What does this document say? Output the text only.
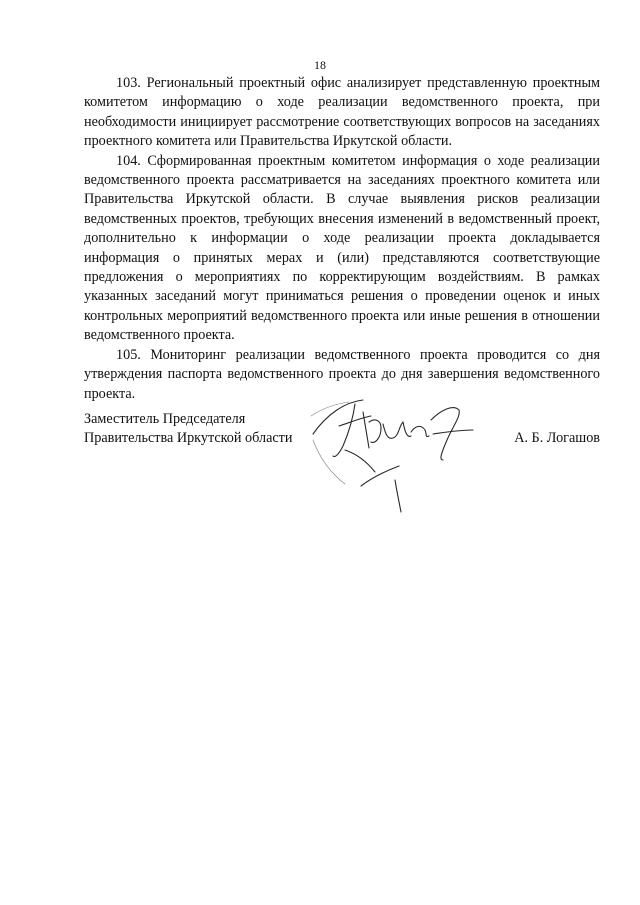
18

103. Региональный проектный офис анализирует представленную проектным комитетом информацию о ходе реализации ведомственного проекта, при необходимости инициирует рассмотрение соответствующих вопросов на заседаниях проектного комитета или Правительства Иркутской области.

104. Сформированная проектным комитетом информация о ходе реализации ведомственного проекта рассматривается на заседаниях проектного комитета или Правительства Иркутской области. В случае выявления рисков реализации ведомственных проектов, требующих внесения изменений в ведомственный проект, дополнительно к информации о ходе реализации проекта докладывается информация о принятых мерах и (или) представляются соответствующие предложения о мероприятиях по корректирующим воздействиям. В рамках указанных заседаний могут приниматься решения о проведении оценок и иных контрольных мероприятий ведомственного проекта или иные решения в отношении ведомственного проекта.

105. Мониторинг реализации ведомственного проекта проводится со дня утверждения паспорта ведомственного проекта до дня завершения ведомственного проекта.

Заместитель Председателя
Правительства Иркутской области	А. Б. Логашов
